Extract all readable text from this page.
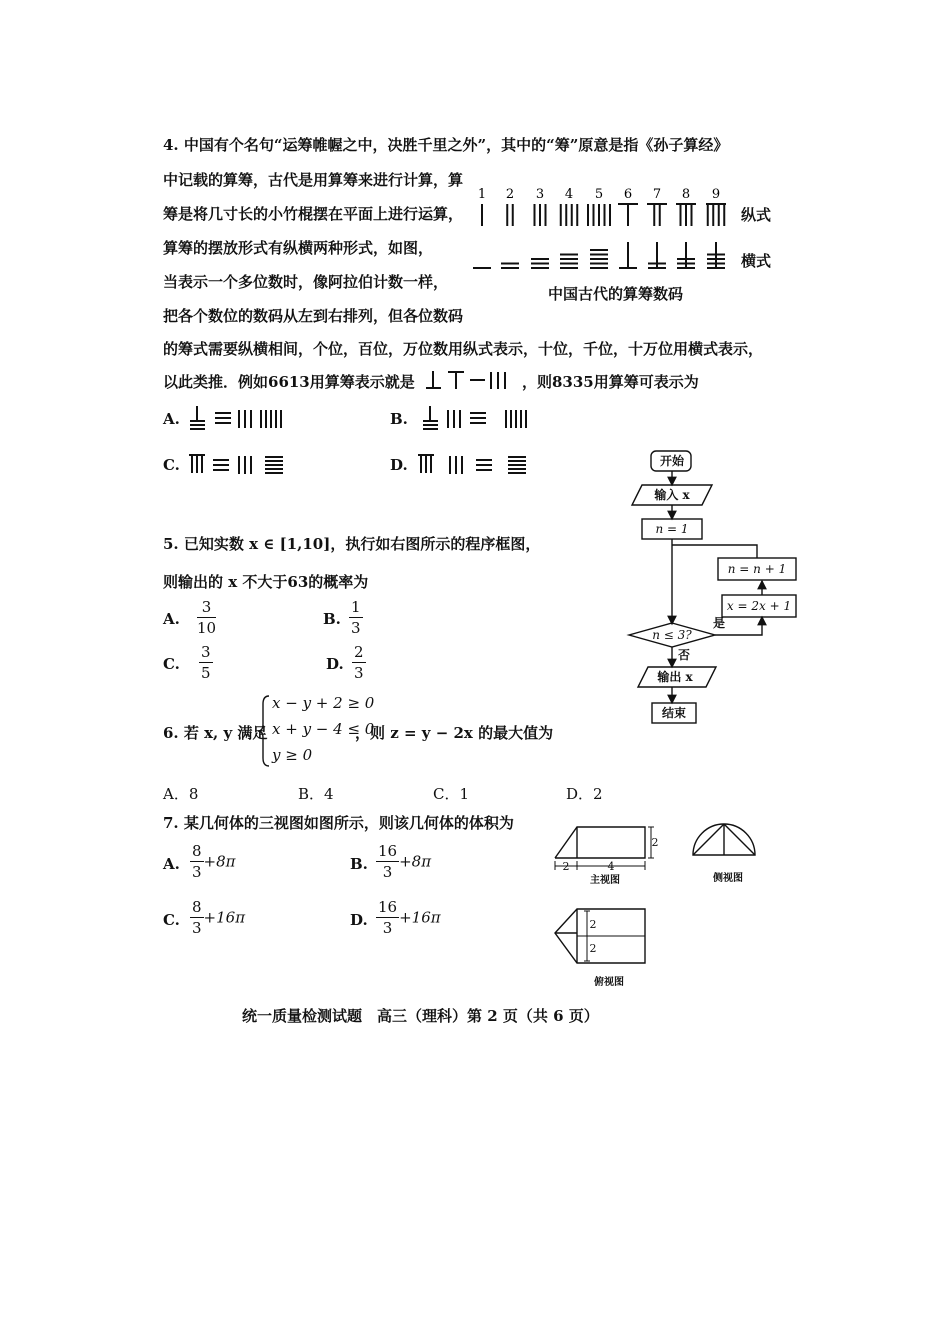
4. 中国有个名句“运筹帷幄之中，决胜千里之外”，其中的“筹”原意是指《孙子算经》
中记载的算筹，古代是用算筹来进行计算，算
筹是将几寸长的小竹棍摆在平面上进行运算，
算筹的摆放形式有纵横两种形式，如图，
当表示一个多位数时，像阿拉伯计数一样，
把各个数位的数码从左到右排列，但各位数码
的筹式需要纵横相间，个位，百位，万位数用纵式表示，十位，千位，十万位用横式表示，
以此类推．例如6613用算筹表示就是	，则8335用算筹可表示为
1 2 3 4 5 6 7 8 9
纵式
横式
中国古代的算筹数码
A.	B.
C.	D.	开始
输入 x
n = 1
n = n + 1
x = 2x + 1
n ≤ 3?
是
否
输出 x
结束
5. 已知实数 x ∈ [1,10]，执行如右图所示的程序框图，
则输出的 x 不大于63的概率为
A. $\frac{3}{10}$	B. $\frac{1}{3}$
C. $\frac{3}{5}$	D. $\frac{2}{3}$
6. 若 x, y 满足
x − y + 2 ≥ 0
x + y − 4 ≤ 0
y ≥ 0
，则 z = y − 2x 的最大值为
A．8	B．4	C．1	D．2
7. 某几何体的三视图如图所示，则该几何体的体积为
A. $\frac{8}{3} +8\pi$	B. $\frac{16}{3} +8\pi$
C. $\frac{8}{3} +16\pi$	D. $\frac{16}{3} +16\pi$
2
2	4
2
2
主视图	侧视图
俯视图
统一质量检测试题　高三（理科）第 2 页（共 6 页）
